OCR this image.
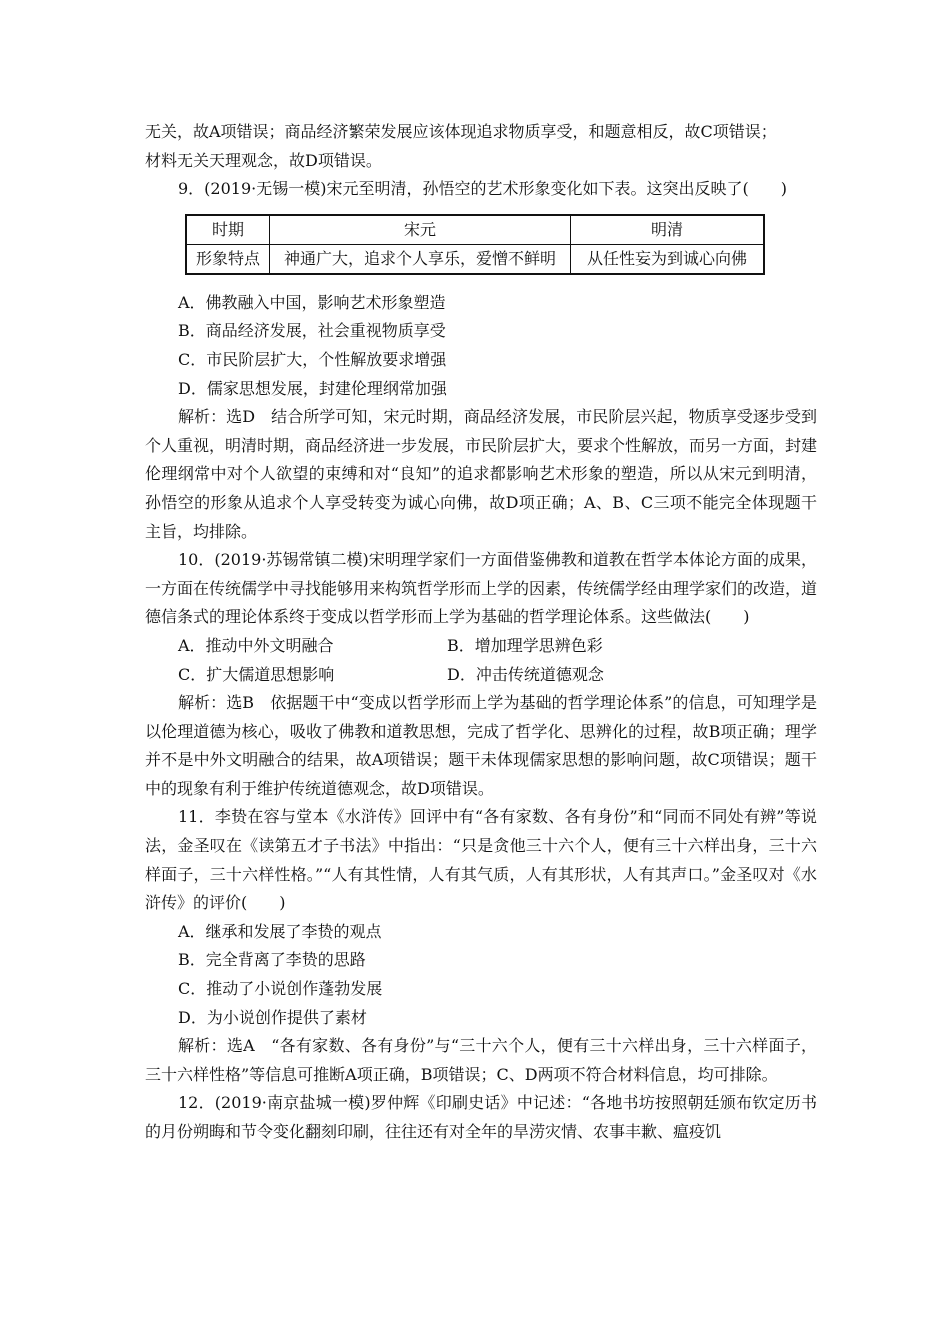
无关，故A项错误；商品经济繁荣发展应该体现追求物质享受，和题意相反，故C项错误；

材料无关天理观念，故D项错误。

9．(2019·无锡一模)宋元至明清，孙悟空的艺术形象变化如下表。这突出反映了(　　)

时期	宋元	明清
形象特点	神通广大，追求个人享乐，爱憎不鲜明	从任性妄为到诚心向佛

A．佛教融入中国，影响艺术形象塑造

B．商品经济发展，社会重视物质享受

C．市民阶层扩大，个性解放要求增强

D．儒家思想发展，封建伦理纲常加强

解析：选D　结合所学可知，宋元时期，商品经济发展，市民阶层兴起，物质享受逐步受到个人重视，明清时期，商品经济进一步发展，市民阶层扩大，要求个性解放，而另一方面，封建伦理纲常中对个人欲望的束缚和对“良知”的追求都影响艺术形象的塑造，所以从宋元到明清，孙悟空的形象从追求个人享受转变为诚心向佛，故D项正确；A、B、C三项不能完全体现题干主旨，均排除。

10．(2019·苏锡常镇二模)宋明理学家们一方面借鉴佛教和道教在哲学本体论方面的成果，一方面在传统儒学中寻找能够用来构筑哲学形而上学的因素，传统儒学经由理学家们的改造，道德信条式的理论体系终于变成以哲学形而上学为基础的哲学理论体系。这些做法(　　)

A．推动中外文明融合	B．增加理学思辨色彩
C．扩大儒道思想影响	D．冲击传统道德观念

解析：选B　依据题干中“变成以哲学形而上学为基础的哲学理论体系”的信息，可知理学是以伦理道德为核心，吸收了佛教和道教思想，完成了哲学化、思辨化的过程，故B项正确；理学并不是中外文明融合的结果，故A项错误；题干未体现儒家思想的影响问题，故C项错误；题干中的现象有利于维护传统道德观念，故D项错误。

11．李贽在容与堂本《水浒传》回评中有“各有家数、各有身份”和“同而不同处有辨”等说法，金圣叹在《读第五才子书法》中指出：“只是贪他三十六个人，便有三十六样出身，三十六样面子，三十六样性格。”“人有其性情，人有其气质，人有其形状，人有其声口。”金圣叹对《水浒传》的评价(　　)

A．继承和发展了李贽的观点

B．完全背离了李贽的思路

C．推动了小说创作蓬勃发展

D．为小说创作提供了素材

解析：选A　“各有家数、各有身份”与“三十六个人，便有三十六样出身，三十六样面子，三十六样性格”等信息可推断A项正确，B项错误；C、D两项不符合材料信息，均可排除。

12．(2019·南京盐城一模)罗仲辉《印刷史话》中记述：“各地书坊按照朝廷颁布钦定历书的月份朔晦和节令变化翻刻印刷，往往还有对全年的旱涝灾情、农事丰歉、瘟疫饥
